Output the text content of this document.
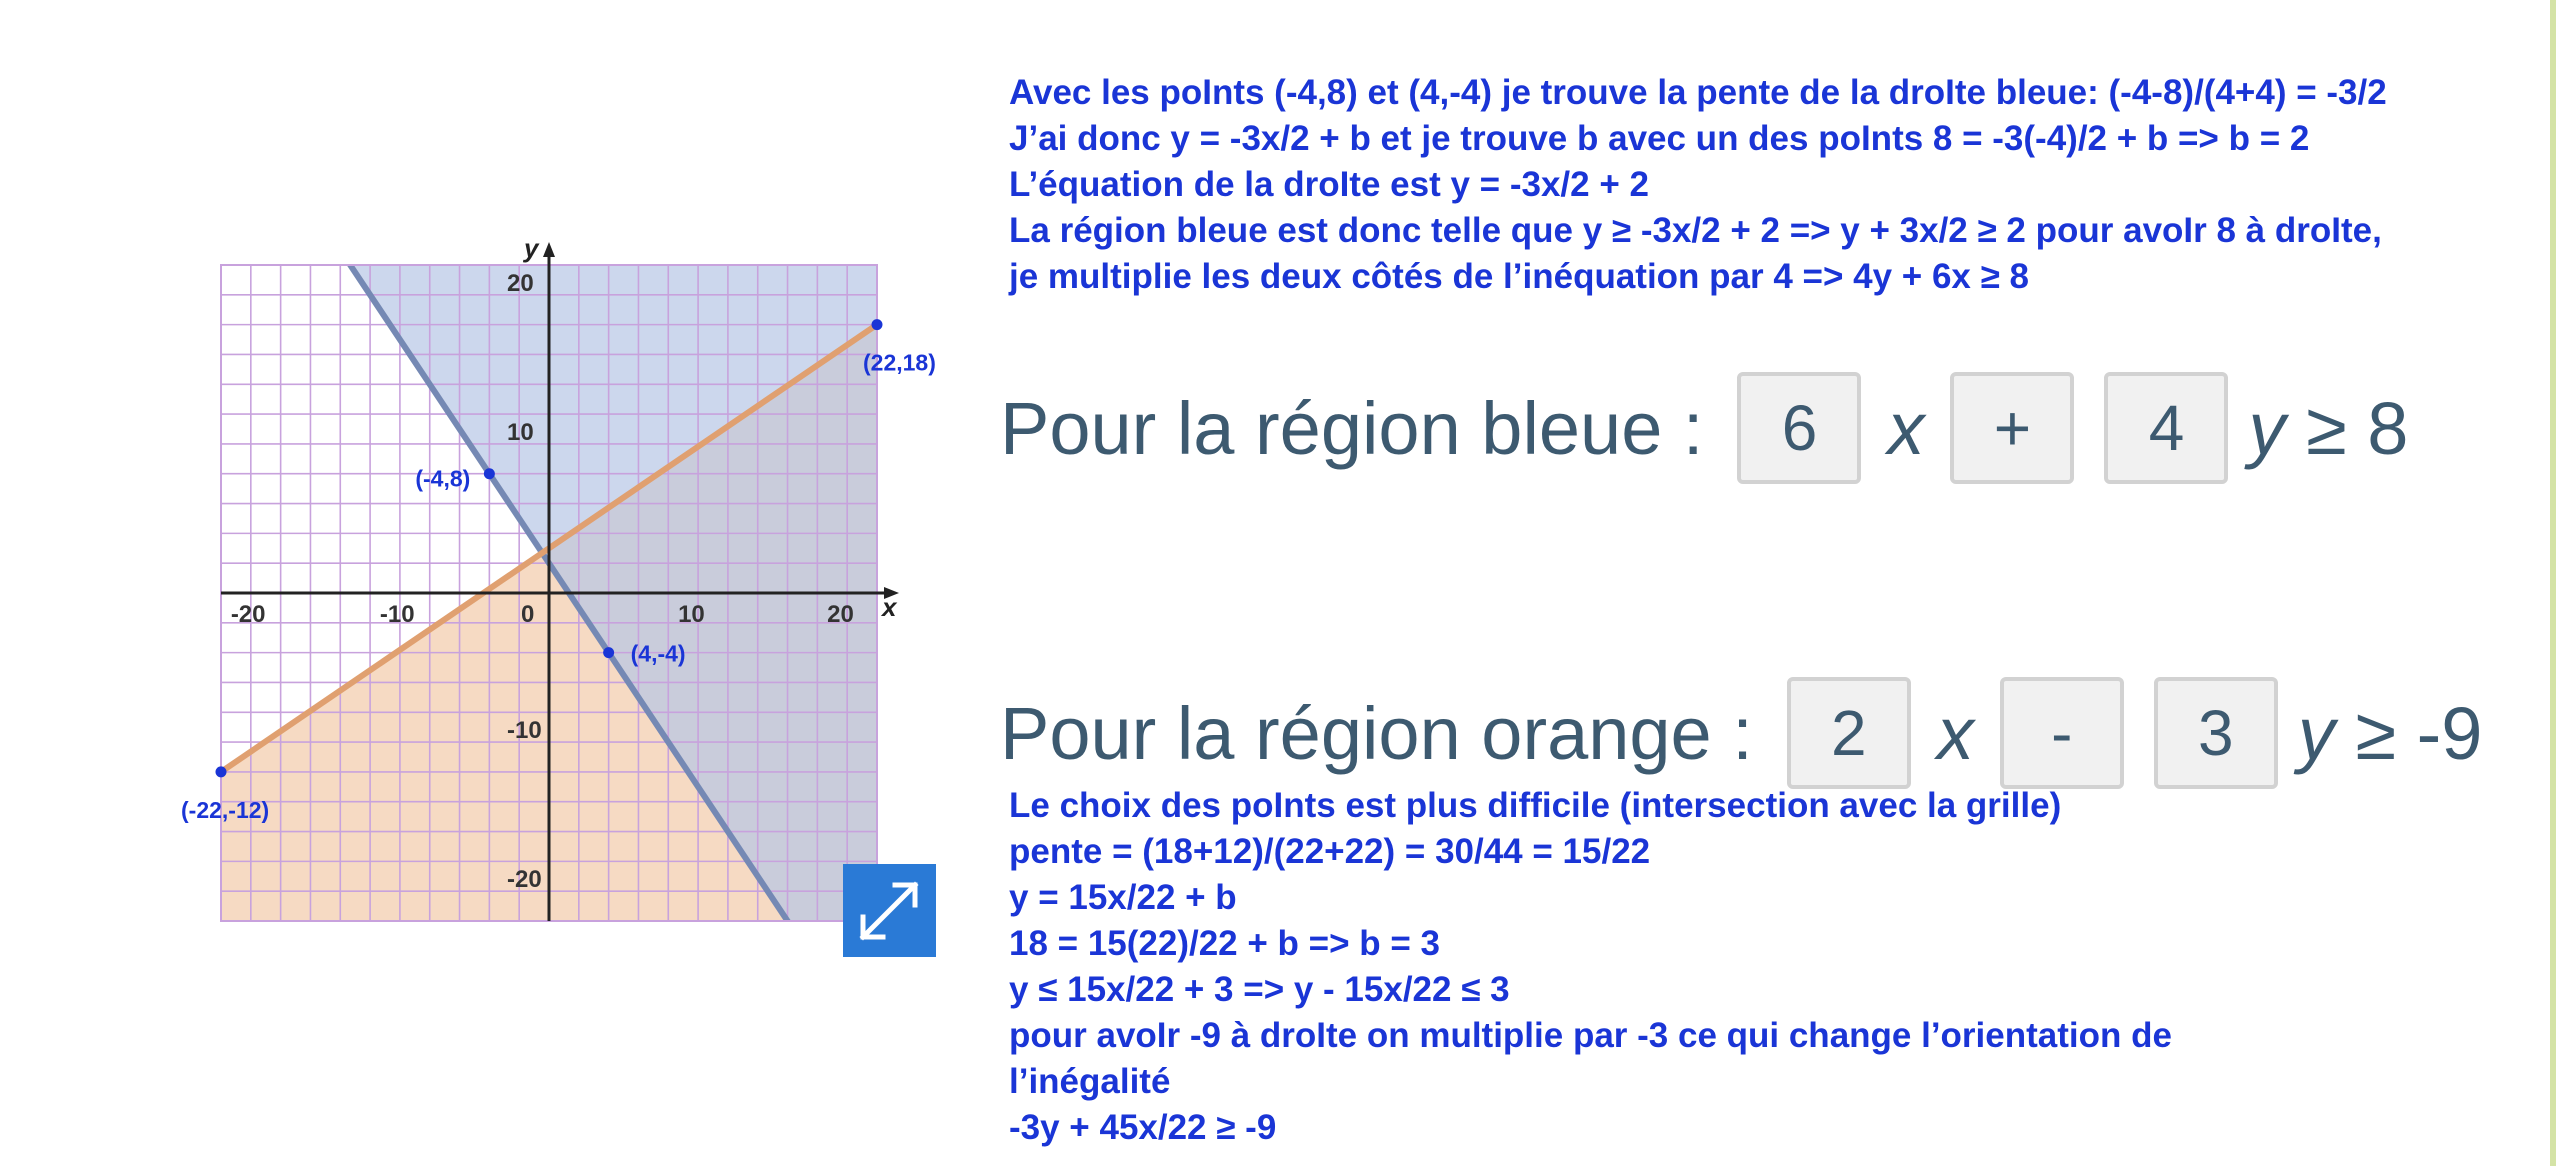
x
y
-20	-10	0	10	20
20
10
-10
-20
(22,18)
(-4,8)
(4,-4)
(-22,-12)
Avec les poInts (-4,8) et (4,-4) je trouve la pente de la droIte bleue: (-4-8)/(4+4) = -3/2
J’ai donc y = -3x/2 + b et je trouve b avec un des poInts 8 = -3(-4)/2 + b => b = 2
L’équation de la droIte est y = -3x/2 + 2
La région bleue est donc telle que y ≥ -3x/2 + 2 => y + 3x/2 ≥ 2 pour avoIr 8 à droIte,
je multiplie les deux côtés de l’inéquation par 4 => 4y + 6x ≥ 8
Pour la région bleue :	6 x	+	4 y ≥ 8
Pour la région orange :	2 x	-	3 y ≥ -9
Le choix des poInts est plus difficile (intersection avec la grille)
pente = (18+12)/(22+22) = 30/44 = 15/22
y = 15x/22 + b
18 = 15(22)/22 + b => b = 3
y ≤ 15x/22 + 3 => y - 15x/22 ≤ 3
pour avoIr -9 à droIte on multiplie par -3 ce qui change l’orientation de
l’inégalité
-3y + 45x/22 ≥ -9
